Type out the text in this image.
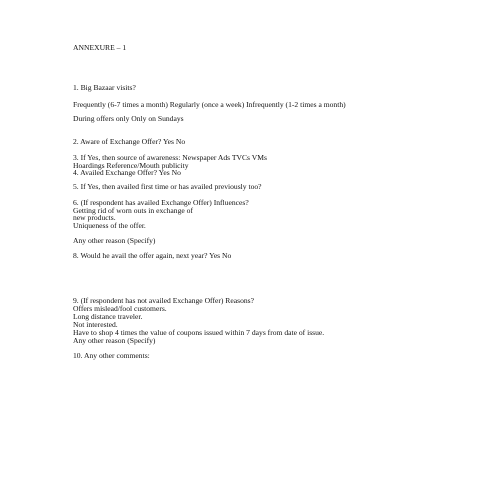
ANNEXURE – 1
1. Big Bazaar visits?
Frequently (6-7 times a month) Regularly (once a week) Infrequently (1-2 times a month)
During offers only Only on Sundays
2. Aware of Exchange Offer? Yes No
3. If Yes, then source of awareness: Newspaper Ads TVCs VMs
Hoardings Reference/Mouth publicity
4. Availed Exchange Offer? Yes No
5. If Yes, then availed first time or has availed previously too?
6. (If respondent has availed Exchange Offer) Influences?
Getting rid of worn outs in exchange of
new products.
Uniqueness of the offer.
Any other reason (Specify)
8. Would he avail the offer again, next year? Yes No
9. (If respondent has not availed Exchange Offer) Reasons?
Offers mislead/fool customers.
Long distance traveler.
Not interested.
Have to shop 4 times the value of coupons issued within 7 days from date of issue.
Any other reason (Specify)
10. Any other comments:
